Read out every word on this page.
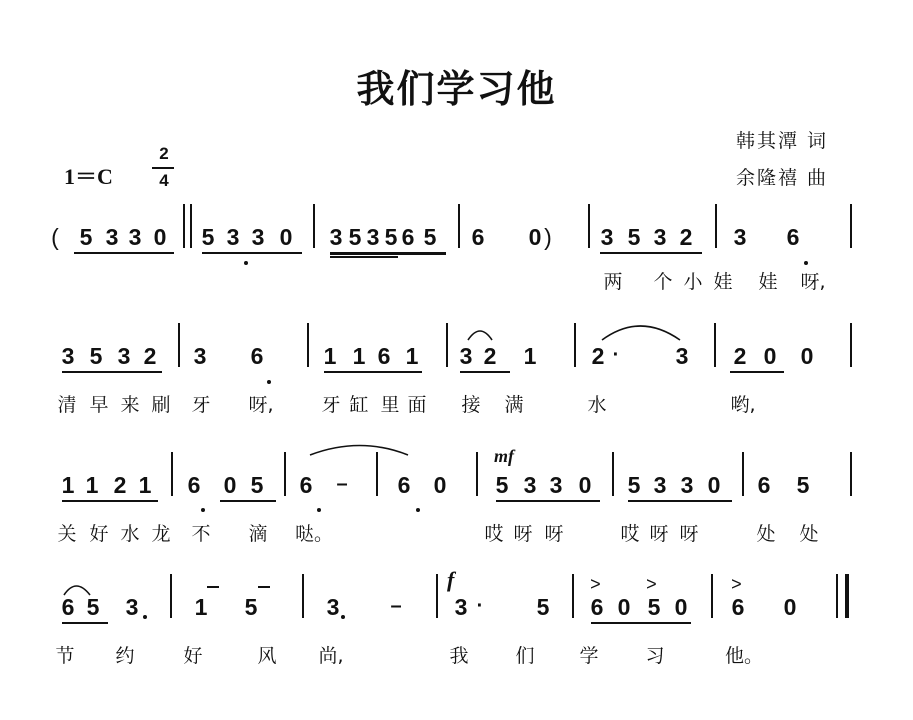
我们学习他
韩其潭 词
余隆禧 曲
1＝C
2
4
mf
f	>	>	>
( 5 3 3 0 5 3 3 0 3 5 3 5 6 5 6 0 ) 3 5 3 2 3 6
两 个 小 娃 娃 呀,
3 5 3 2 3 6	1 1 6 1 3 2 1 2 · 3 2 0 0
清 早 来 刷 牙 呀,	牙 缸 里 面 接 满	水	哟,
1 1 2 1 6 0 5 6 – 6 0 5 3 3 0 5 3 3 0 6 5
关 好 水 龙 不 滴 哒。	哎 呀 呀	哎 呀 呀	处 处
6 5 3 1 5	3	– 3 · 5 6 0 5 0 6 0
节 约	好	风 尚,	我 们 学 习	他。
